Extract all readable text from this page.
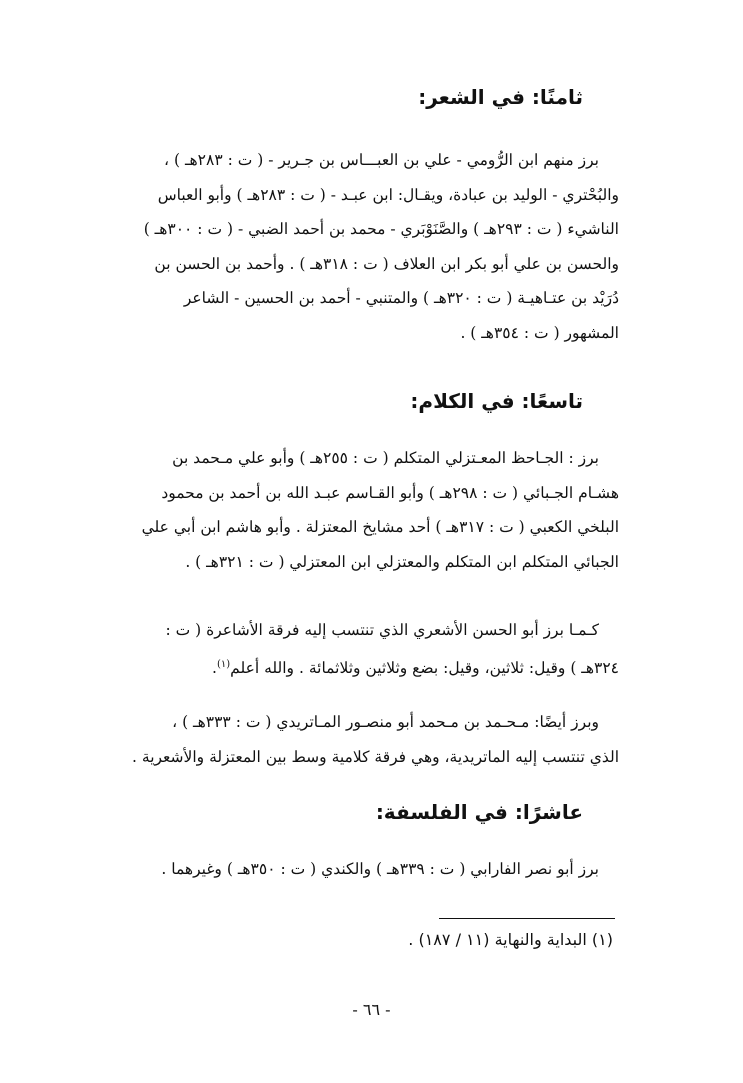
ثامنًا: في الشعر:
برز منهم ابن الرُّومي - علي بن العبـــاس بن جـرير - ( ت : ٢٨٣هـ ) ،
والبُحْتري - الوليد بن عبادة، ويقـال: ابن عبـد - ( ت : ٢٨٣هـ ) وأبو العباس
الناشيء ( ت : ٢٩٣هـ ) والصَّنَوْبَري - محمد بن أحمد الضبي - ( ت : ٣٠٠هـ )
والحسن بن علي أبو بكر ابن العلاف ( ت : ٣١٨هـ ) . وأحمد بن الحسن بن
دُرَيْد بن عتـاهيـة ( ت : ٣٢٠هـ ) والمتنبي - أحمد بن الحسين - الشاعر
المشهور ( ت : ٣٥٤هـ ) .
تاسعًا: في الكلام:
برز : الجـاحظ المعـتزلي المتكلم ( ت : ٢٥٥هـ ) وأبو علي مـحمد بن
هشـام الجـبائي ( ت : ٢٩٨هـ ) وأبو القـاسم عبـد الله بن أحمد بن محمود
البلخي الكعبي ( ت : ٣١٧هـ ) أحد مشايخ المعتزلة . وأبو هاشم ابن أبي علي
الجبائي المتكلم ابن المتكلم والمعتزلي ابن المعتزلي ( ت : ٣٢١هـ ) .
كـمـا برز أبو الحسن الأشعري الذي تنتسب إليه فرقة الأشاعرة ( ت :
٣٢٤هـ ) وقيل: ثلاثين، وقيل: بضع وثلاثين وثلاثمائة . والله أعلم$^{(١)}$.
وبرز أيضًا: مـحـمد بن مـحمد أبو منصـور المـاتريدي ( ت : ٣٣٣هـ ) ،
الذي تنتسب إليه الماتريدية، وهي فرقة كلامية وسط بين المعتزلة والأشعرية .
عاشرًا: في الفلسفة:
برز أبو نصر الفارابي ( ت : ٣٣٩هـ ) والكندي ( ت : ٣٥٠هـ ) وغيرهما .
(١) البداية والنهاية (١١ / ١٨٧) .
- ٦٦ -
